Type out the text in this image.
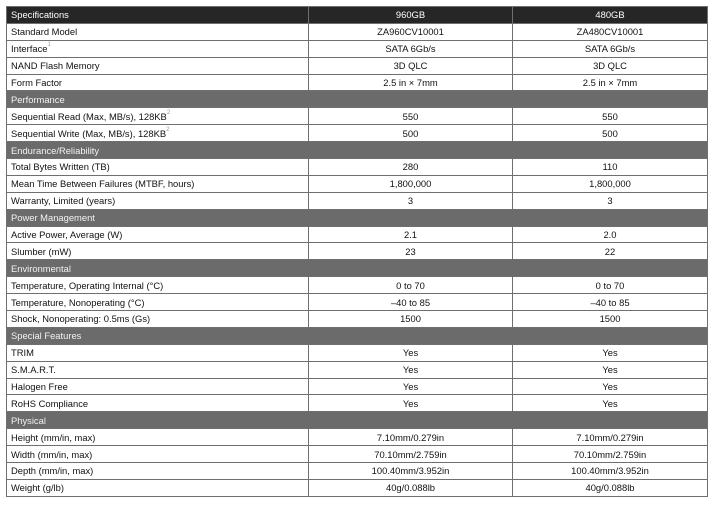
Specifications	960GB	480GB
Standard Model	ZA960CV10001	ZA480CV10001
Interface$^1$	SATA 6Gb/s	SATA 6Gb/s
NAND Flash Memory	3D QLC	3D QLC
Form Factor	2.5 in × 7mm	2.5 in × 7mm
Performance		
Sequential Read (Max, MB/s), $128KB^2$	550	550
Sequential Write (Max, MB/s), $128KB^2$	500	500
Endurance/Reliability		
Total Bytes Written (TB)	280	110
Mean Time Between Failures (MTBF, hours)	1,800,000	1,800,000
Warranty, Limited (years)	3	3
Power Management		
Active Power, Average (W)	2.1	2.0
Slumber (mW)	23	22
Environmental		
Temperature, Operating Internal (°C)	0 to 70	0 to 70
Temperature, Nonoperating (°C)	–40 to 85	–40 to 85
Shock, Nonoperating: 0.5ms (Gs)	1500	1500
Special Features		
TRIM	Yes	Yes
S.M.A.R.T.	Yes	Yes
Halogen Free	Yes	Yes
RoHS Compliance	Yes	Yes
Physical		
Height (mm/in, max)	7.10mm/0.279in	7.10mm/0.279in
Width (mm/in, max)	70.10mm/2.759in	70.10mm/2.759in
Depth (mm/in, max)	100.40mm/3.952in	100.40mm/3.952in
Weight (g/lb)	40g/0.088lb	40g/0.088lb
